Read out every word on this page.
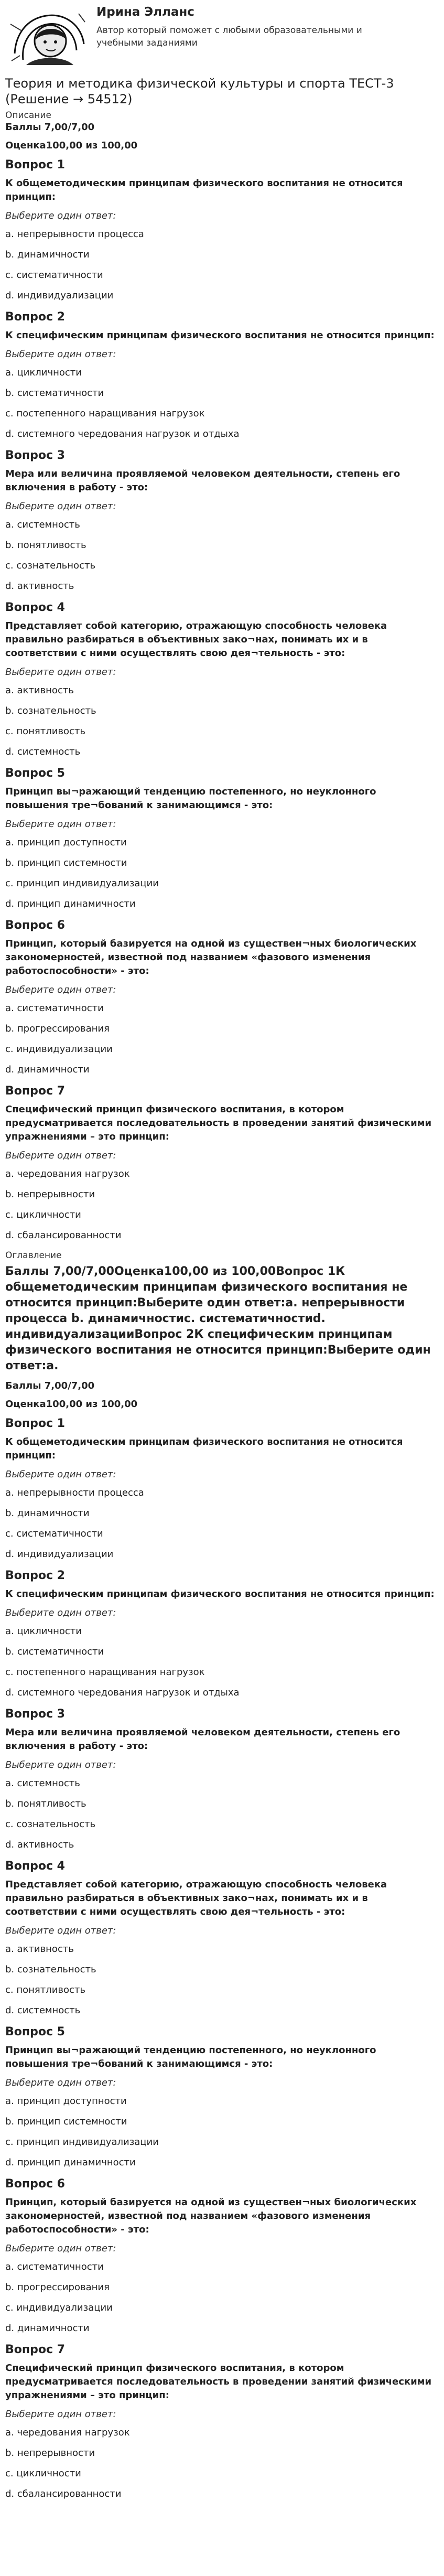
Ирина Элланс
Автор который поможет с любыми образовательными и учебными заданиями
Теория и методика физической культуры и спорта ТЕСТ-3 (Решение → 54512)
Описание
Баллы 7,00/7,00
Оценка100,00 из 100,00
Вопрос 1
К общеметодическим принципам физического воспитания не относится принцип:
Выберите один ответ:
a. непрерывности процесса
b. динамичности
c. систематичности
d. индивидуализации
Вопрос 2
К специфическим принципам физического воспитания не относится принцип:
Выберите один ответ:
a. цикличности
b. систематичности
c. постепенного наращивания нагрузок
d. системного чередования нагрузок и отдыха
Вопрос 3
Мера или величина проявляемой человеком деятельности, степень его включения в работу - это:
Выберите один ответ:
a. системность
b. понятливость
c. сознательность
d. активность
Вопрос 4
Представляет собой категорию, отражающую способность человека правильно разбираться в объективных зако¬нах, понимать их и в соответствии с ними осуществлять свою дея¬тельность - это:
Выберите один ответ:
a. активность
b. сознательность
c. понятливость
d. системность
Вопрос 5
Принцип вы¬ражающий тенденцию постепенного, но неуклонного повышения тре¬бований к занимающимся - это:
Выберите один ответ:
a. принцип доступности
b. принцип системности
c. принцип индивидуализации
d. принцип динамичности
Вопрос 6
Принцип, который базируется на одной из существен¬ных биологических закономерностей, известной под названием «фазового изменения работоспособности» - это:
Выберите один ответ:
a. систематичности
b. прогрессирования
c. индивидуализации
d. динамичности
Вопрос 7
Специфический принцип физического воспитания, в котором предусматривается последовательность в проведении занятий физическими упражнениями – это принцип:
Выберите один ответ:
a. чередования нагрузок
b. непрерывности
c. цикличности
d. сбалансированности
Оглавление
Баллы 7,00/7,00Оценка100,00 из 100,00Вопрос 1К общеметодическим принципам физического воспитания не относится принцип:Выберите один ответ:a. непрерывности процесса b. динамичностис. систематичностиd. индивидуализацииВопрос 2К специфическим принципам физического воспитания не относится принцип:Выберите один ответ:a.
Баллы 7,00/7,00
Оценка100,00 из 100,00
Вопрос 1
К общеметодическим принципам физического воспитания не относится принцип:
Выберите один ответ:
a. непрерывности процесса
b. динамичности
c. систематичности
d. индивидуализации
Вопрос 2
К специфическим принципам физического воспитания не относится принцип:
Выберите один ответ:
a. цикличности
b. систематичности
c. постепенного наращивания нагрузок
d. системного чередования нагрузок и отдыха
Вопрос 3
Мера или величина проявляемой человеком деятельности, степень его включения в работу - это:
Выберите один ответ:
a. системность
b. понятливость
c. сознательность
d. активность
Вопрос 4
Представляет собой категорию, отражающую способность человека правильно разбираться в объективных зако¬нах, понимать их и в соответствии с ними осуществлять свою дея¬тельность - это:
Выберите один ответ:
a. активность
b. сознательность
c. понятливость
d. системность
Вопрос 5
Принцип вы¬ражающий тенденцию постепенного, но неуклонного повышения тре¬бований к занимающимся - это:
Выберите один ответ:
a. принцип доступности
b. принцип системности
c. принцип индивидуализации
d. принцип динамичности
Вопрос 6
Принцип, который базируется на одной из существен¬ных биологических закономерностей, известной под названием «фазового изменения работоспособности» - это:
Выберите один ответ:
a. систематичности
b. прогрессирования
c. индивидуализации
d. динамичности
Вопрос 7
Специфический принцип физического воспитания, в котором предусматривается последовательность в проведении занятий физическими упражнениями – это принцип:
Выберите один ответ:
a. чередования нагрузок
b. непрерывности
c. цикличности
d. сбалансированности
